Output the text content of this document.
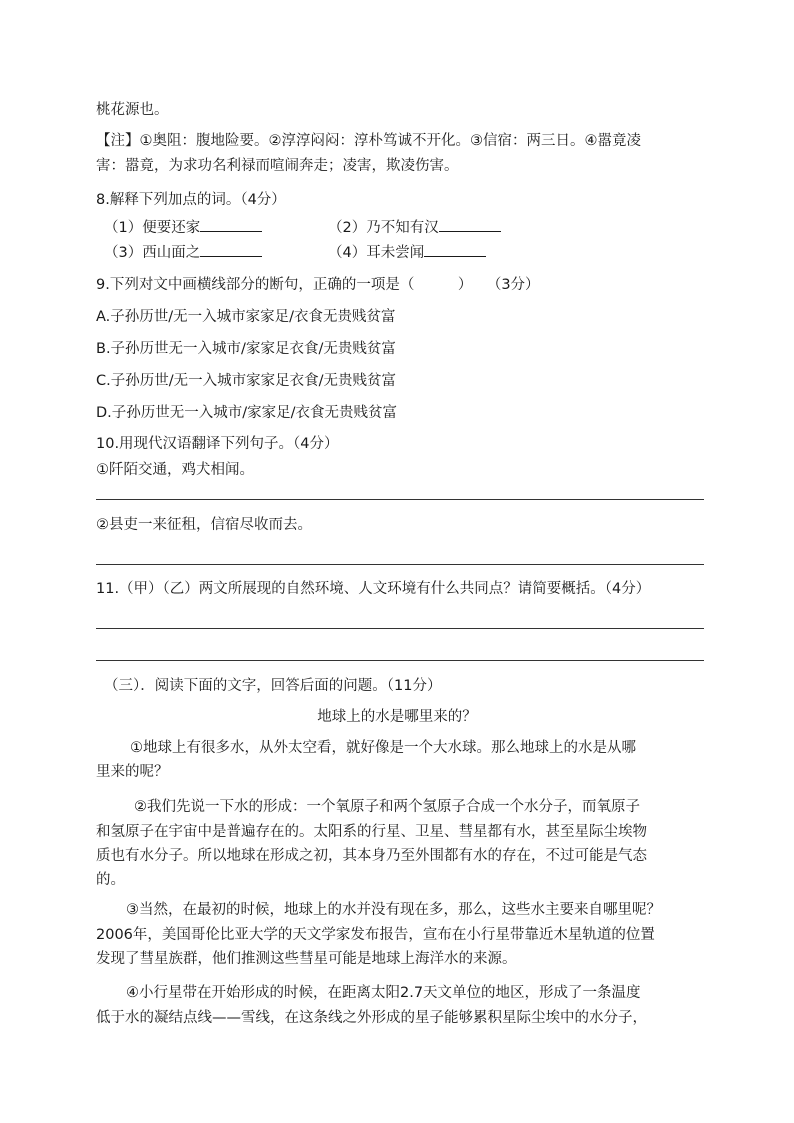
桃花源也。
【注】①奥阻：腹地险要。②淳淳闷闷：淳朴笃诚不开化。③信宿：两三日。④嚣竟凌
害：嚣竟，为求功名利禄而喧闹奔走；凌害，欺凌伤害。
8.解释下列加点的词。（4分）
（1）便要还家	（2）乃不知有汉
（3）西山面之	（4）耳未尝闻
9.下列对文中画横线部分的断句，正确的一项是（　　　）　　（3分）
A.子孙历世/无一入城市家家足/衣食无贵贱贫富
B.子孙历世无一入城市/家家足衣食/无贵贱贫富
C.子孙历世/无一入城市家家足衣食/无贵贱贫富
D.子孙历世无一入城市/家家足/衣食无贵贱贫富
10.用现代汉语翻译下列句子。（4分）
①阡陌交通，鸡犬相闻。
②县吏一来征租，信宿尽收而去。
11.（甲）（乙）两文所展现的自然环境、人文环境有什么共同点？请简要概括。（4分）
（三）．阅读下面的文字，回答后面的问题。（11分）
地球上的水是哪里来的？
①地球上有很多水，从外太空看，就好像是一个大水球。那么地球上的水是从哪
里来的呢？
②我们先说一下水的形成：一个氧原子和两个氢原子合成一个水分子，而氧原子
和氢原子在宇宙中是普遍存在的。太阳系的行星、卫星、彗星都有水，甚至星际尘埃物
质也有水分子。所以地球在形成之初，其本身乃至外围都有水的存在，不过可能是气态
的。
③当然，在最初的时候，地球上的水并没有现在多，那么，这些水主要来自哪里呢？
2006年，美国哥伦比亚大学的天文学家发布报告，宣布在小行星带靠近木星轨道的位置
发现了彗星族群，他们推测这些彗星可能是地球上海洋水的来源。
④小行星带在开始形成的时候，在距离太阳2.7天文单位的地区，形成了一条温度
低于水的凝结点线——雪线，在这条线之外形成的星子能够累积星际尘埃中的水分子，
